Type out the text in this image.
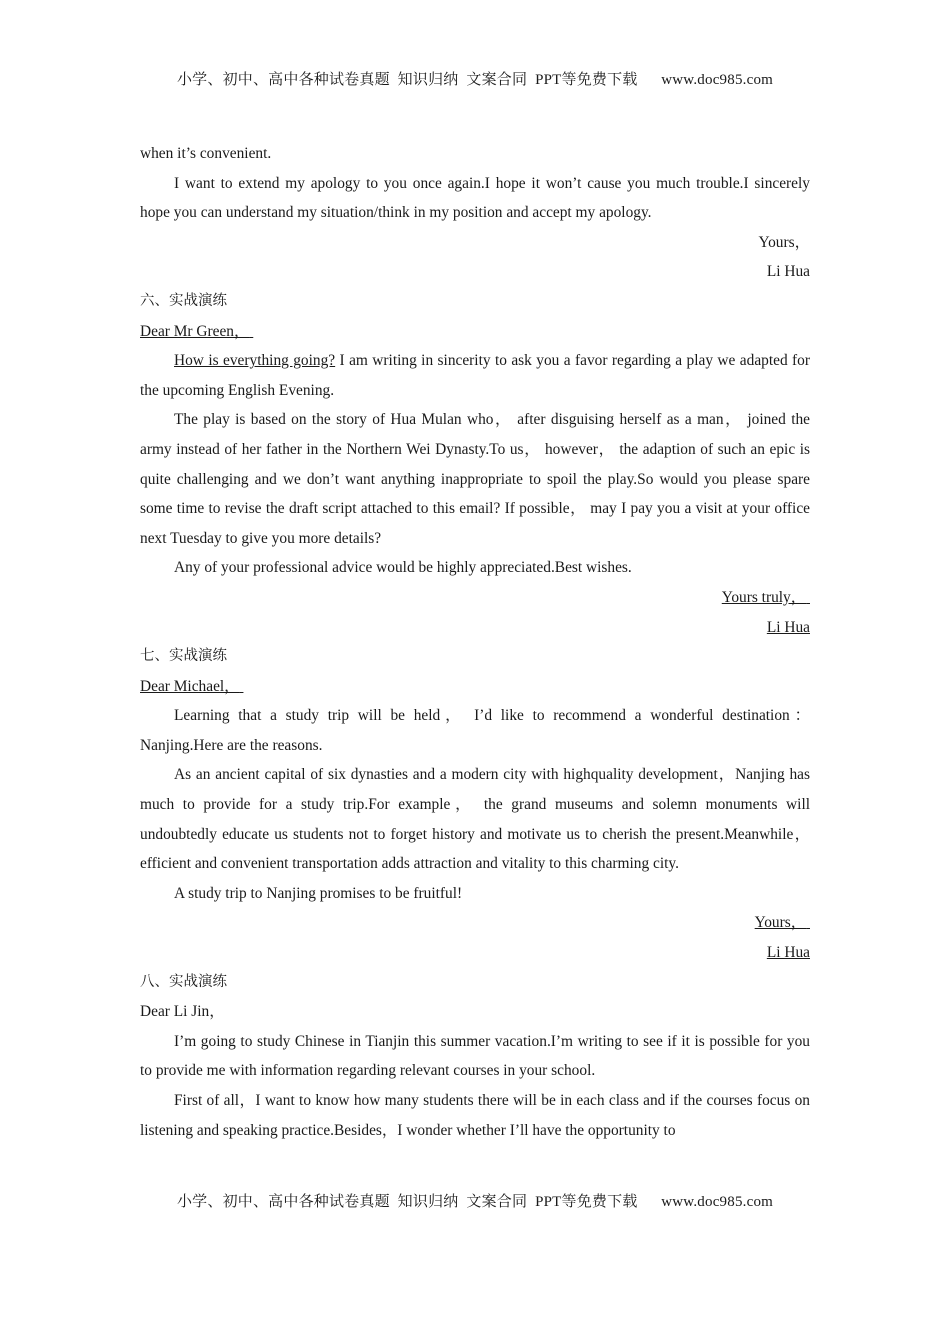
小学、初中、高中各种试卷真题  知识归纳  文案合同  PPT等免费下载      www.doc985.com

when it’s convenient.

I want to extend my apology to you once again.I hope it won’t cause you much trouble.I sincerely hope you can understand my situation/think in my position and accept my apology.

Yours，

Li Hua

六、实战演练

Dear Mr Green，

How is everything going? I am writing in sincerity to ask you a favor regarding a play we adapted for the upcoming English Evening.

The play is based on the story of Hua Mulan who， after disguising herself as a man， joined the army instead of her father in the Northern Wei Dynasty.To us， however， the adaption of such an epic is quite challenging and we don’t want anything inappropriate to spoil the play.So would you please spare some time to revise the draft script attached to this email? If possible， may I pay you a visit at your office next Tuesday to give you more details?

Any of your professional advice would be highly appreciated.Best wishes.

Yours truly，

Li Hua

七、实战演练

Dear Michael，

Learning that a study trip will be held， I’d like to recommend a wonderful destination：Nanjing.Here are the reasons.

As an ancient capital of six dynasties and a modern city with highquality development，Nanjing has much to provide for a study trip.For example， the grand museums and solemn monuments will undoubtedly educate us students not to forget history and motivate us to cherish the present.Meanwhile，efficient and convenient transportation adds attraction and vitality to this charming city.

A study trip to Nanjing promises to be fruitful!

Yours，

Li Hua

八、实战演练

Dear Li Jin，

I’m going to study Chinese in Tianjin this summer vacation.I’m writing to see if it is possible for you to provide me with information regarding relevant courses in your school.

First of all，I want to know how many students there will be in each class and if the courses focus on listening and speaking practice.Besides，I wonder whether I’ll have the opportunity to

小学、初中、高中各种试卷真题  知识归纳  文案合同  PPT等免费下载      www.doc985.com
